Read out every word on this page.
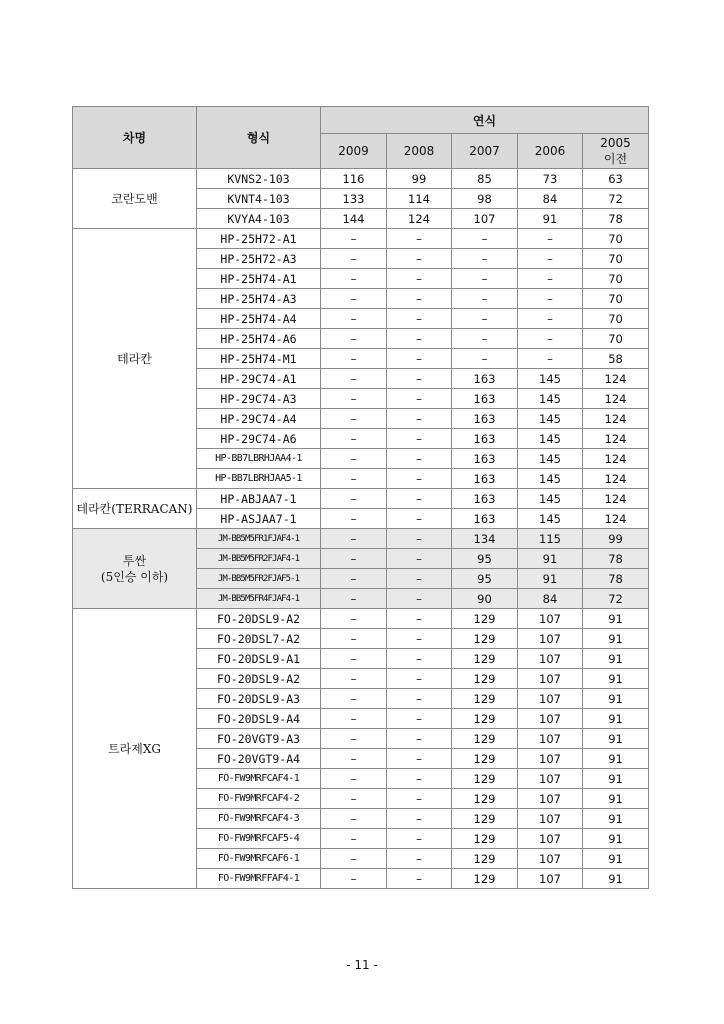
차명	형식	연식				
		2009	2008	2007	2006	2005
이전
코란도밴	KVNS2-103	116	99	85	73	63
	KVNT4-103	133	114	98	84	72
	KVYA4-103	144	124	107	91	78
테라칸	HP-25H72-A1	–	–	–	–	70
	HP-25H72-A3	–	–	–	–	70
	HP-25H74-A1	–	–	–	–	70
	HP-25H74-A3	–	–	–	–	70
	HP-25H74-A4	–	–	–	–	70
	HP-25H74-A6	–	–	–	–	70
	HP-25H74-M1	–	–	–	–	58
	HP-29C74-A1	–	–	163	145	124
	HP-29C74-A3	–	–	163	145	124
	HP-29C74-A4	–	–	163	145	124
	HP-29C74-A6	–	–	163	145	124
	HP-BB7LBRHJAA4-1	–	–	163	145	124
	HP-BB7LBRHJAA5-1	–	–	163	145	124
테라칸(TERRACAN)	HP-ABJAA7-1	–	–	163	145	124
	HP-ASJAA7-1	–	–	163	145	124
투싼
(5인승 이하)	JM-BB5M5FR1FJAF4-1	–	–	134	115	99
	JM-BB5M5FR2FJAF4-1	–	–	95	91	78
	JM-BB5M5FR2FJAF5-1	–	–	95	91	78
	JM-BB5M5FR4FJAF4-1	–	–	90	84	72
트라제XG	FO-20DSL9-A2	–	–	129	107	91
	FO-20DSL7-A2	–	–	129	107	91
	FO-20DSL9-A1	–	–	129	107	91
	FO-20DSL9-A2	–	–	129	107	91
	FO-20DSL9-A3	–	–	129	107	91
	FO-20DSL9-A4	–	–	129	107	91
	FO-20VGT9-A3	–	–	129	107	91
	FO-20VGT9-A4	–	–	129	107	91
	FO-FW9MRFCAF4-1	–	–	129	107	91
	FO-FW9MRFCAF4-2	–	–	129	107	91
	FO-FW9MRFCAF4-3	–	–	129	107	91
	FO-FW9MRFCAF5-4	–	–	129	107	91
	FO-FW9MRFCAF6-1	–	–	129	107	91
	FO-FW9MRFFAF4-1	–	–	129	107	91
- 11 -
